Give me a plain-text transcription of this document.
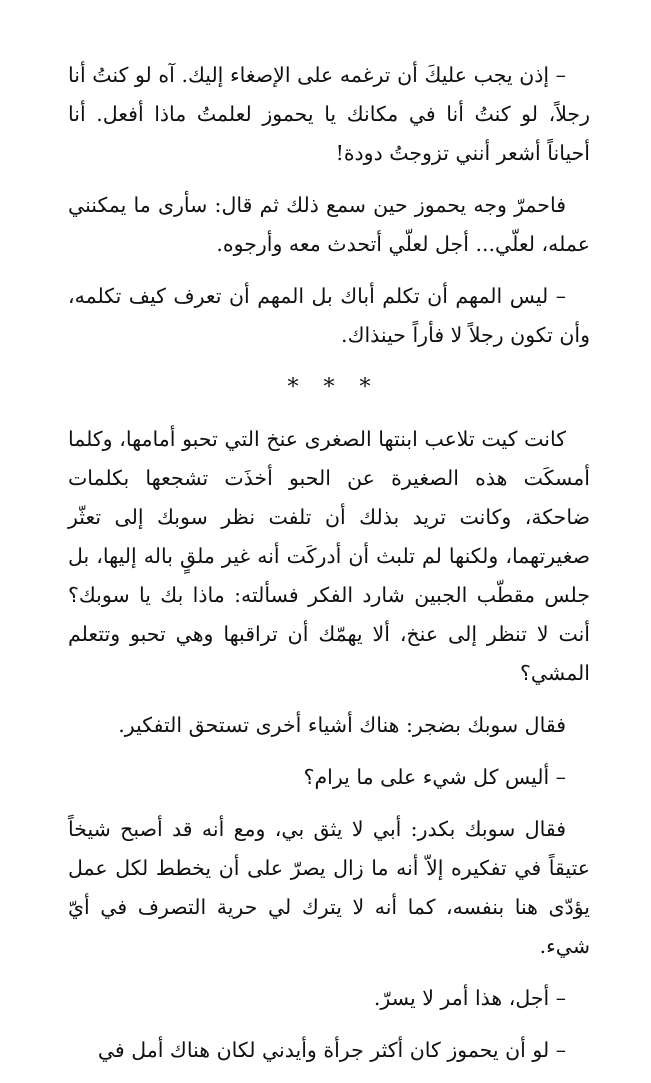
– إذن يجب عليكَ أن ترغمه على الإصغاء إليك. آه لو كنتُ أنا رجلاً، لو كنتُ أنا في مكانك يا يحموز لعلمتُ ماذا أفعل. أنا أحياناً أشعر أنني تزوجتُ دودة!

فاحمرّ وجه يحموز حين سمع ذلك ثم قال: سأرى ما يمكنني عمله، لعلّي... أجل لعلّي أتحدث معه وأرجوه.

– ليس المهم أن تكلم أباك بل المهم أن تعرف كيف تكلمه، وأن تكون رجلاً لا فأراً حينذاك.

* * *

كانت كيت تلاعب ابنتها الصغرى عنخ التي تحبو أمامها، وكلما أمسكَت هذه الصغيرة عن الحبو أخذَت تشجعها بكلمات ضاحكة، وكانت تريد بذلك أن تلفت نظر سوبك إلى تعثّر صغيرتهما، ولكنها لم تلبث أن أدركَت أنه غير ملقٍ باله إليها، بل جلس مقطّب الجبين شارد الفكر فسألته: ماذا بك يا سوبك؟ أنت لا تنظر إلى عنخ، ألا يهمّك أن تراقبها وهي تحبو وتتعلم المشي؟

فقال سوبك بضجر: هناك أشياء أخرى تستحق التفكير.

– أليس كل شيء على ما يرام؟

فقال سوبك بكدر: أبي لا يثق بي، ومع أنه قد أصبح شيخاً عتيقاً في تفكيره إلاّ أنه ما زال يصرّ على أن يخطط لكل عمل يؤدّى هنا بنفسه، كما أنه لا يترك لي حرية التصرف في أيّ شيء.

– أجل، هذا أمر لا يسرّ.

– لو أن يحموز كان أكثر جرأة وأيدني لكان هناك أمل في
